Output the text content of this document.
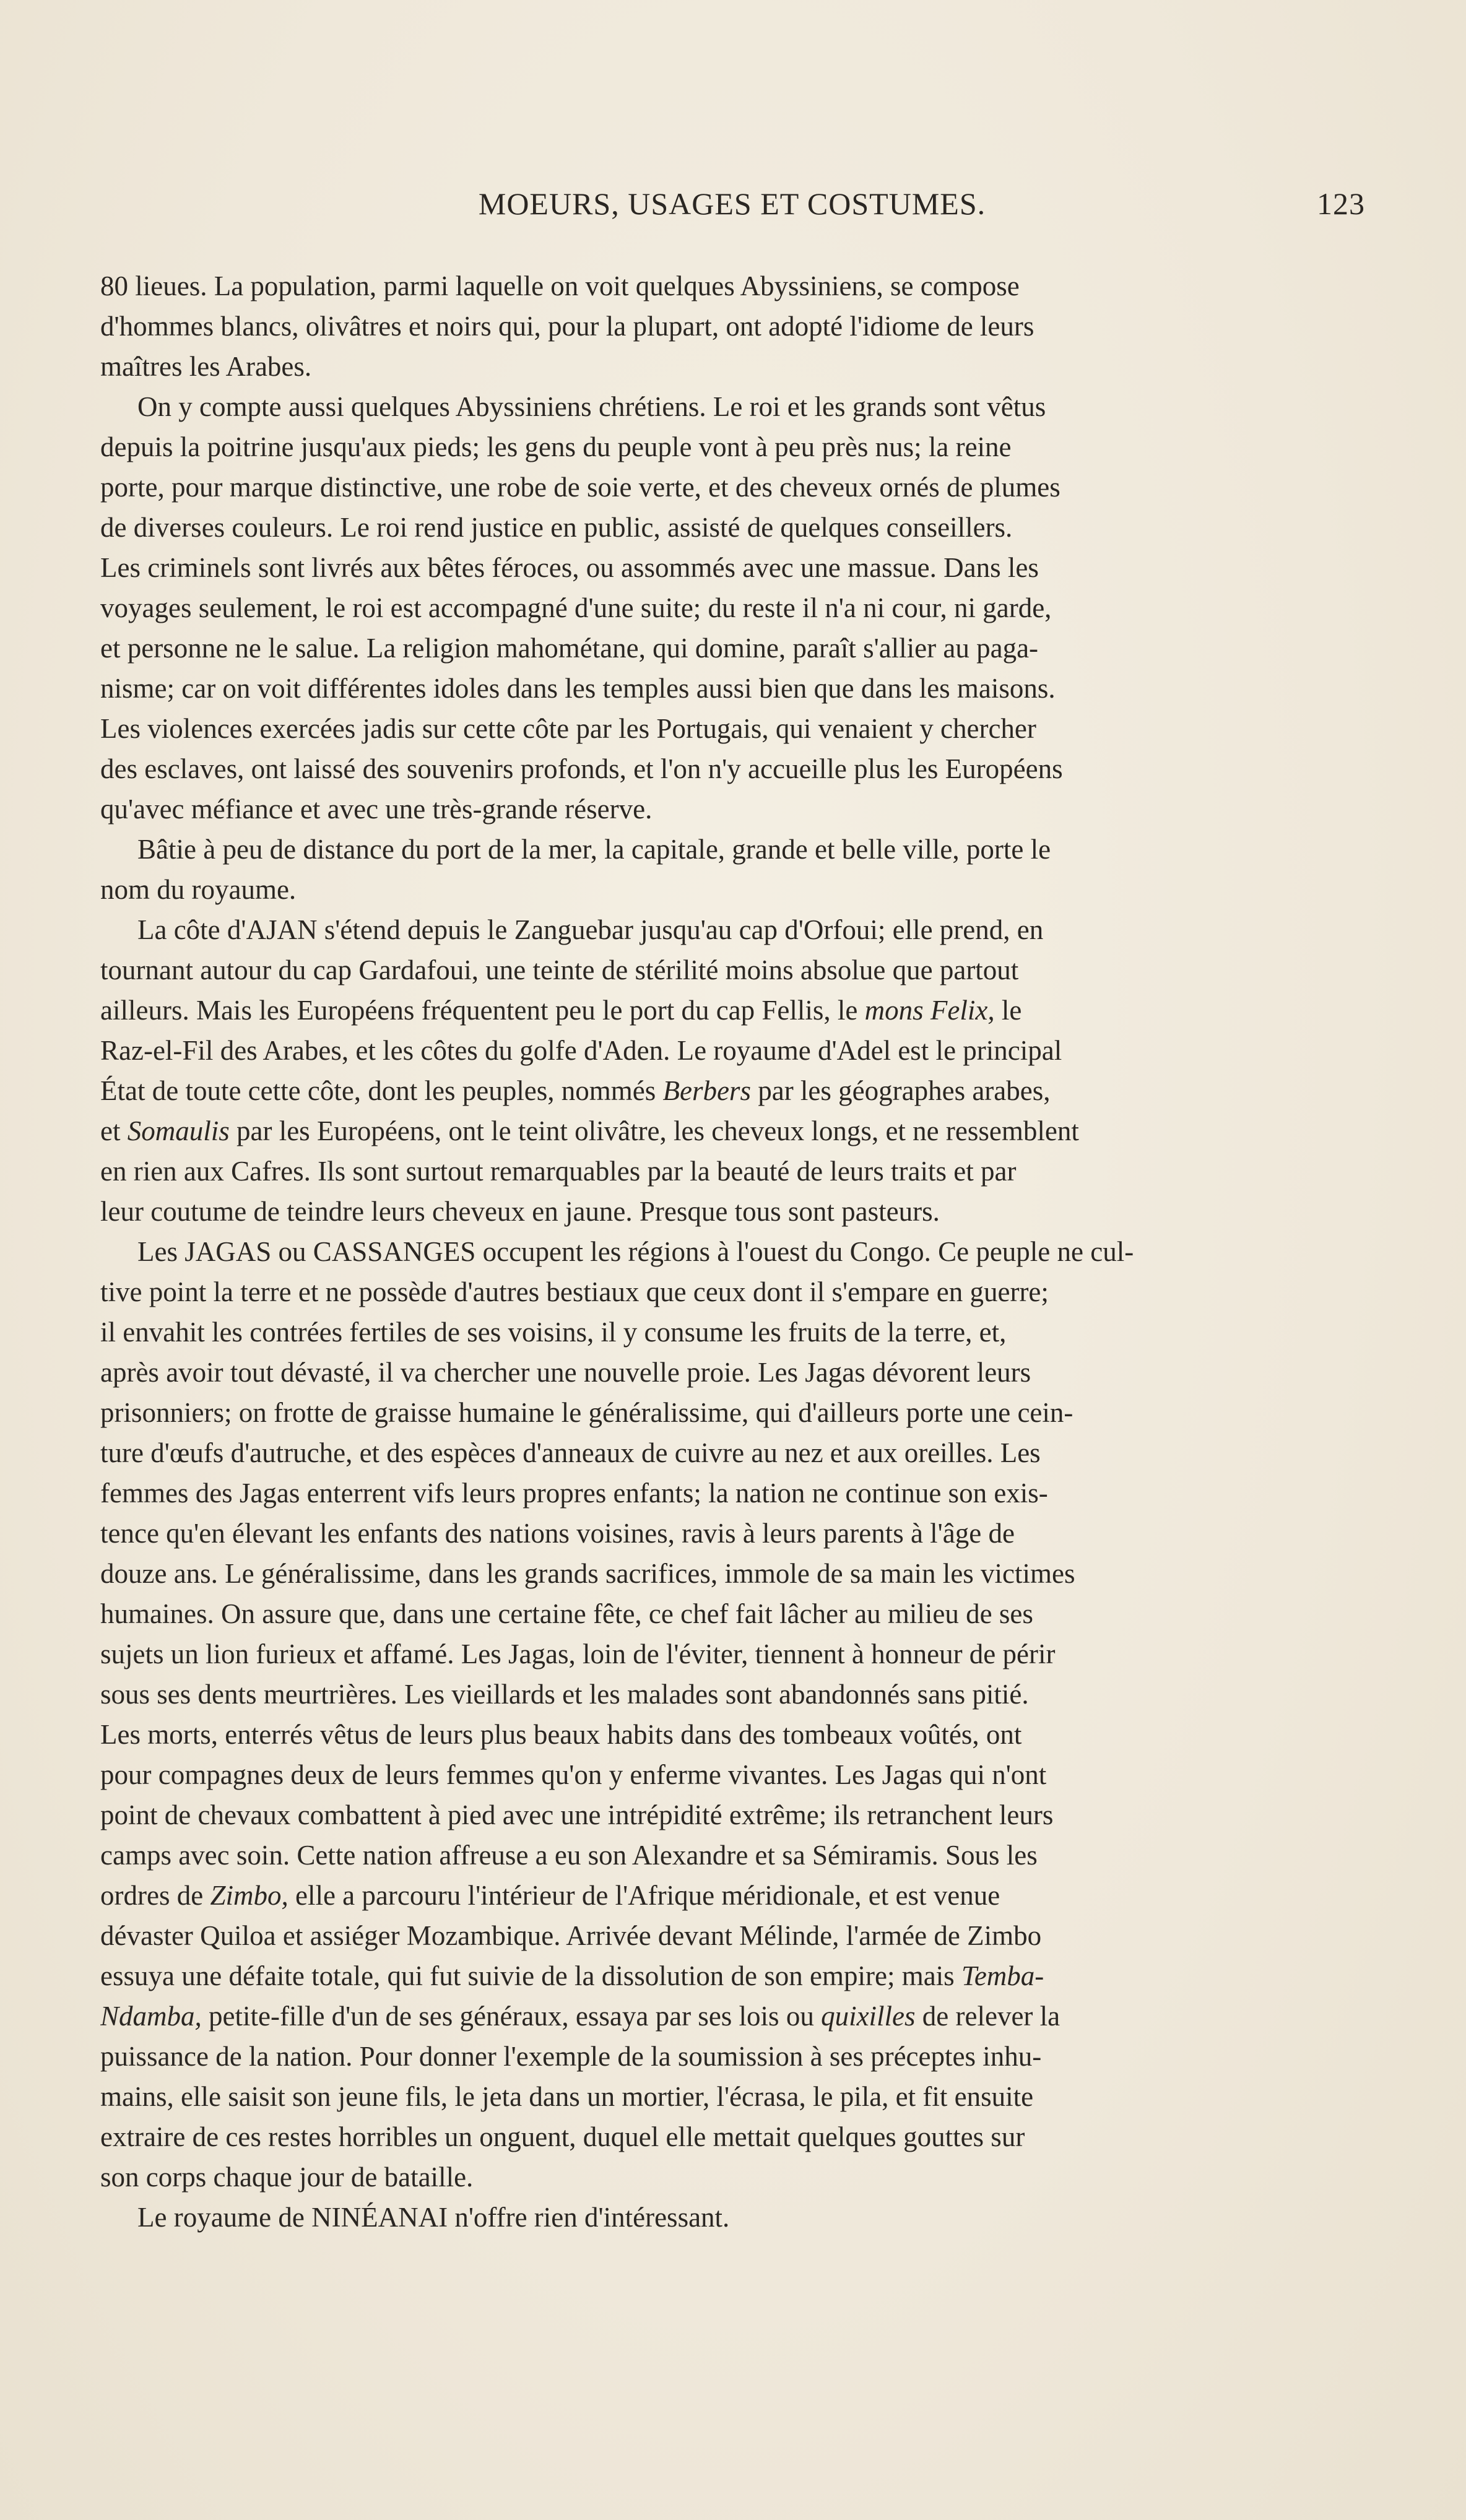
MOEURS, USAGES ET COSTUMES.	123
80 lieues. La population, parmi laquelle on voit quelques Abyssiniens, se compose
d'hommes blancs, olivâtres et noirs qui, pour la plupart, ont adopté l'idiome de leurs
maîtres les Arabes.
On y compte aussi quelques Abyssiniens chrétiens. Le roi et les grands sont vêtus
depuis la poitrine jusqu'aux pieds; les gens du peuple vont à peu près nus; la reine
porte, pour marque distinctive, une robe de soie verte, et des cheveux ornés de plumes
de diverses couleurs. Le roi rend justice en public, assisté de quelques conseillers.
Les criminels sont livrés aux bêtes féroces, ou assommés avec une massue. Dans les
voyages seulement, le roi est accompagné d'une suite; du reste il n'a ni cour, ni garde,
et personne ne le salue. La religion mahométane, qui domine, paraît s'allier au paga-
nisme; car on voit différentes idoles dans les temples aussi bien que dans les maisons.
Les violences exercées jadis sur cette côte par les Portugais, qui venaient y chercher
des esclaves, ont laissé des souvenirs profonds, et l'on n'y accueille plus les Européens
qu'avec méfiance et avec une très-grande réserve.
Bâtie à peu de distance du port de la mer, la capitale, grande et belle ville, porte le
nom du royaume.
La côte d'AJAN s'étend depuis le Zanguebar jusqu'au cap d'Orfoui; elle prend, en
tournant autour du cap Gardafoui, une teinte de stérilité moins absolue que partout
ailleurs. Mais les Européens fréquentent peu le port du cap Fellis, le mons Felix, le
Raz-el-Fil des Arabes, et les côtes du golfe d'Aden. Le royaume d'Adel est le principal
État de toute cette côte, dont les peuples, nommés Berbers par les géographes arabes,
et Somaulis par les Européens, ont le teint olivâtre, les cheveux longs, et ne ressemblent
en rien aux Cafres. Ils sont surtout remarquables par la beauté de leurs traits et par
leur coutume de teindre leurs cheveux en jaune. Presque tous sont pasteurs.
Les JAGAS ou CASSANGES occupent les régions à l'ouest du Congo. Ce peuple ne cul-
tive point la terre et ne possède d'autres bestiaux que ceux dont il s'empare en guerre;
il envahit les contrées fertiles de ses voisins, il y consume les fruits de la terre, et,
après avoir tout dévasté, il va chercher une nouvelle proie. Les Jagas dévorent leurs
prisonniers; on frotte de graisse humaine le généralissime, qui d'ailleurs porte une cein-
ture d'œufs d'autruche, et des espèces d'anneaux de cuivre au nez et aux oreilles. Les
femmes des Jagas enterrent vifs leurs propres enfants; la nation ne continue son exis-
tence qu'en élevant les enfants des nations voisines, ravis à leurs parents à l'âge de
douze ans. Le généralissime, dans les grands sacrifices, immole de sa main les victimes
humaines. On assure que, dans une certaine fête, ce chef fait lâcher au milieu de ses
sujets un lion furieux et affamé. Les Jagas, loin de l'éviter, tiennent à honneur de périr
sous ses dents meurtrières. Les vieillards et les malades sont abandonnés sans pitié.
Les morts, enterrés vêtus de leurs plus beaux habits dans des tombeaux voûtés, ont
pour compagnes deux de leurs femmes qu'on y enferme vivantes. Les Jagas qui n'ont
point de chevaux combattent à pied avec une intrépidité extrême; ils retranchent leurs
camps avec soin. Cette nation affreuse a eu son Alexandre et sa Sémiramis. Sous les
ordres de Zimbo, elle a parcouru l'intérieur de l'Afrique méridionale, et est venue
dévaster Quiloa et assiéger Mozambique. Arrivée devant Mélinde, l'armée de Zimbo
essuya une défaite totale, qui fut suivie de la dissolution de son empire; mais Temba-
Ndamba, petite-fille d'un de ses généraux, essaya par ses lois ou quixilles de relever la
puissance de la nation. Pour donner l'exemple de la soumission à ses préceptes inhu-
mains, elle saisit son jeune fils, le jeta dans un mortier, l'écrasa, le pila, et fit ensuite
extraire de ces restes horribles un onguent, duquel elle mettait quelques gouttes sur
son corps chaque jour de bataille.
Le royaume de NINÉANAI n'offre rien d'intéressant.
